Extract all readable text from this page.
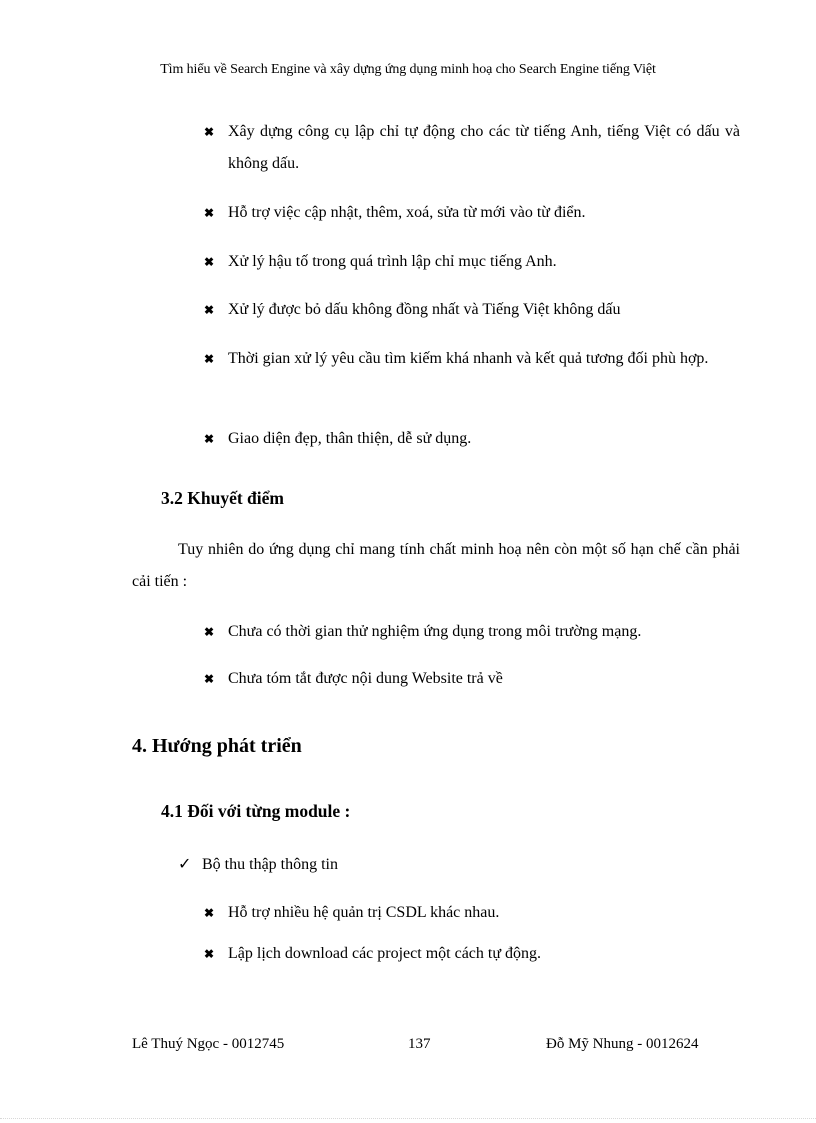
Tìm hiểu về Search Engine và xây dựng ứng dụng minh hoạ cho Search Engine tiếng Việt
✖ Xây dựng công cụ lập chỉ tự động cho các từ tiếng Anh, tiếng Việt có dấu và không dấu.
✖ Hỗ trợ việc cập nhật, thêm, xoá, sửa từ mới vào từ điển.
✖ Xử lý hậu tố trong quá trình lập chỉ mục tiếng Anh.
✖ Xử lý được bỏ dấu không đồng nhất và Tiếng Việt không dấu
✖ Thời gian xử lý yêu cầu tìm kiếm khá nhanh và kết quả tương đối phù hợp.
✖ Giao diện đẹp, thân thiện, dễ sử dụng.
3.2 Khuyết điểm
Tuy nhiên do ứng dụng chỉ mang tính chất minh hoạ nên còn một số hạn chế cần phải cải tiến :
✖ Chưa có thời gian thử nghiệm ứng dụng trong môi trường mạng.
✖ Chưa tóm tắt được nội dung Website trả về
4. Hướng phát triển
4.1 Đối với từng module :
✓ Bộ thu thập thông tin
✖ Hỗ trợ nhiều hệ quản trị CSDL khác nhau.
✖ Lập lịch download các project một cách tự động.
Lê Thuý Ngọc - 0012745	137	Đỗ Mỹ Nhung - 0012624
